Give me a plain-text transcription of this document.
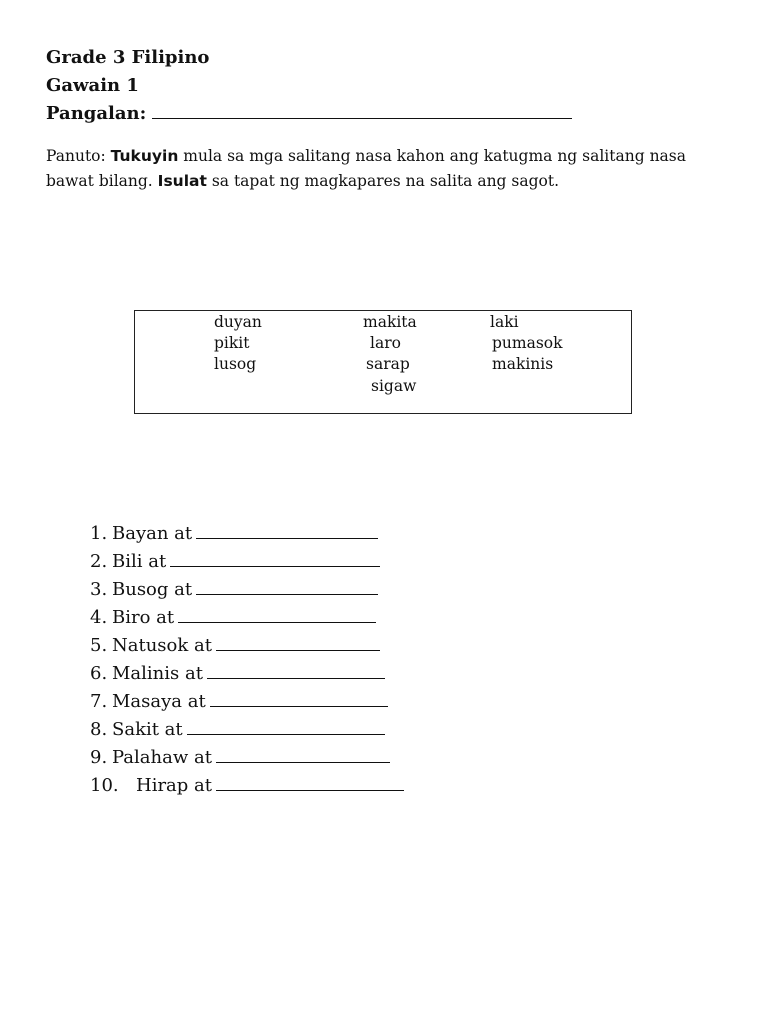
Grade 3 Filipino
Gawain 1
Pangalan:
Panuto: Tukuyin mula sa mga salitang nasa kahon ang katugma ng salitang nasa bawat bilang. Isulat sa tapat ng magkapares na salita ang sagot.
duyan	makita	laki
pikit	laro	pumasok
lusog	sarap	makinis
sigaw
1. Bayan at
2. Bili at
3. Busog at
4. Biro at
5. Natusok at
6. Malinis at
7. Masaya at
8. Sakit at
9. Palahaw at
10. Hirap at
